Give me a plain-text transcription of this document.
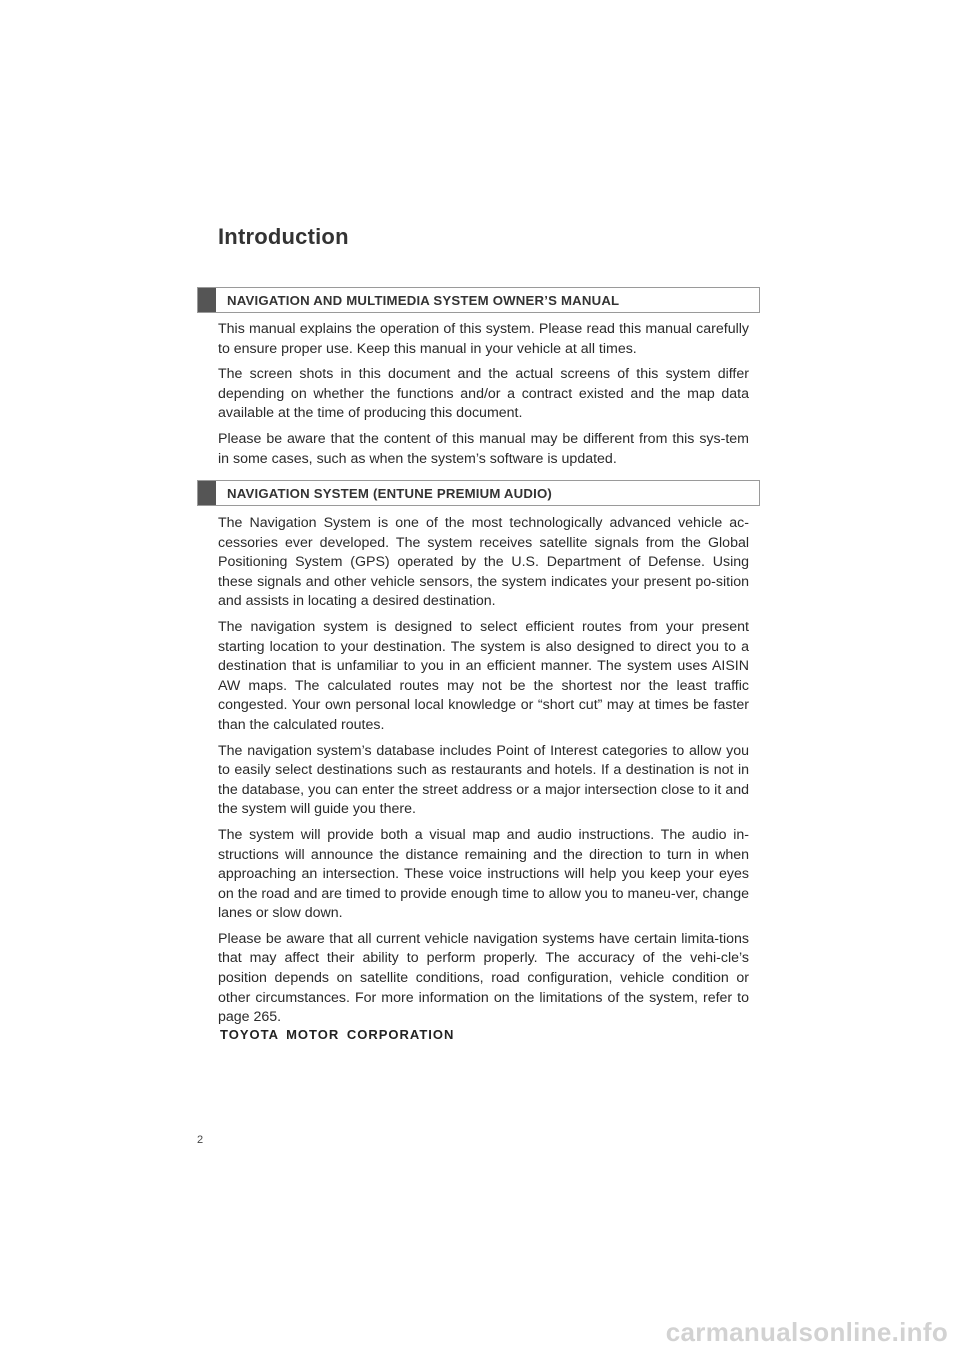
Introduction
NAVIGATION AND MULTIMEDIA SYSTEM OWNER’S MANUAL

This manual explains the operation of this system. Please read this manual carefully to ensure proper use. Keep this manual in your vehicle at all times.

The screen shots in this document and the actual screens of this system differ depending on whether the functions and/or a contract existed and the map data available at the time of producing this document.

Please be aware that the content of this manual may be different from this sys-tem in some cases, such as when the system’s software is updated.

NAVIGATION SYSTEM (ENTUNE PREMIUM AUDIO)

The Navigation System is one of the most technologically advanced vehicle ac-cessories ever developed. The system receives satellite signals from the Global Positioning System (GPS) operated by the U.S. Department of Defense. Using these signals and other vehicle sensors, the system indicates your present po-sition and assists in locating a desired destination.

The navigation system is designed to select efficient routes from your present starting location to your destination. The system is also designed to direct you to a destination that is unfamiliar to you in an efficient manner. The system uses AISIN AW maps. The calculated routes may not be the shortest nor the least traffic congested. Your own personal local knowledge or “short cut” may at times be faster than the calculated routes.

The navigation system’s database includes Point of Interest categories to allow you to easily select destinations such as restaurants and hotels. If a destination is not in the database, you can enter the street address or a major intersection close to it and the system will guide you there.

The system will provide both a visual map and audio instructions. The audio in-structions will announce the distance remaining and the direction to turn in when approaching an intersection. These voice instructions will help you keep your eyes on the road and are timed to provide enough time to allow you to maneu-ver, change lanes or slow down.

Please be aware that all current vehicle navigation systems have certain limita-tions that may affect their ability to perform properly. The accuracy of the vehi-cle’s position depends on satellite conditions, road configuration, vehicle condition or other circumstances. For more information on the limitations of the system, refer to page 265.

TOYOTA MOTOR CORPORATION
2
carmanualsonline.info
